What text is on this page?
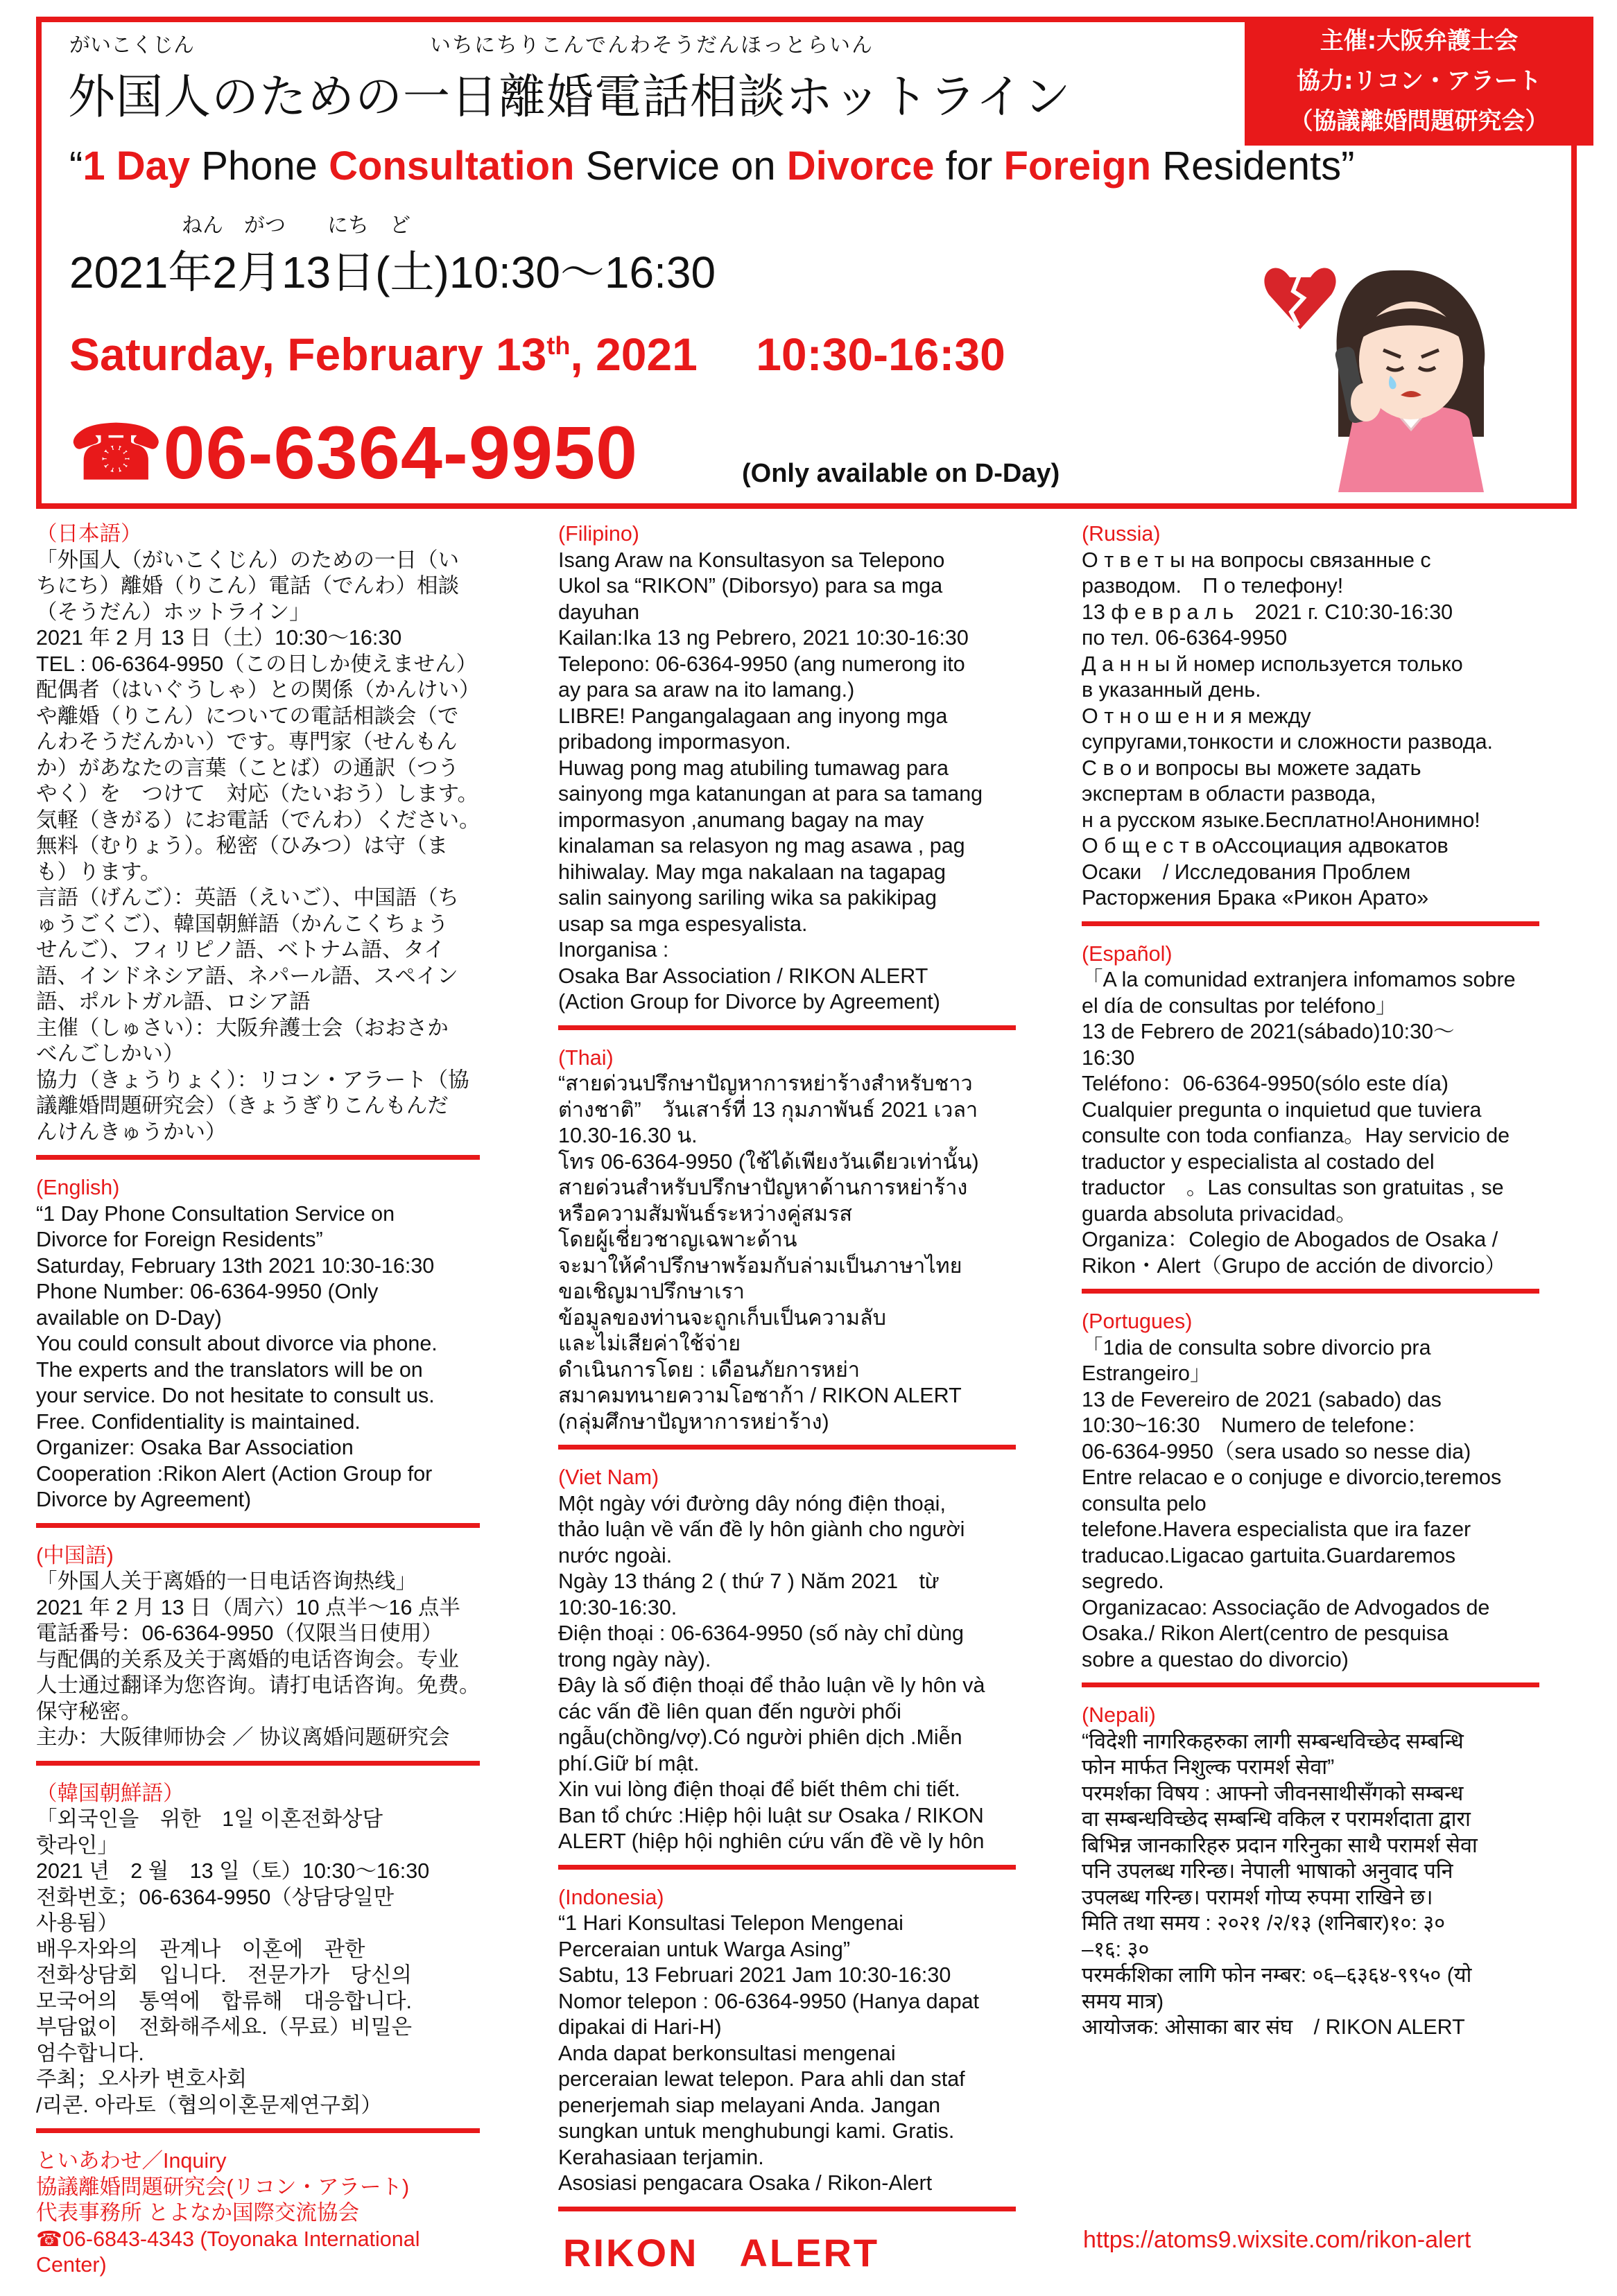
主催:大阪弁護士会
協力:リコン・アラート
（協議離婚問題研究会）
がいこくじん	いちにちりこんでんわそうだんほっとらいん
外国人のための一日離婚電話相談ホットライン
“1 Day Phone Consultation Service on Divorce for Foreign Residents”
ねん　がつ　　にち　ど
2021年2月13日(土)10:30〜16:30
Saturday, February 13th, 2021　 10:30-16:30
☎06-6364-9950	(Only available on D-Day)
（日本語）

「外国人（がいこくじん）のための一日（い

ちにち）離婚（りこん）電話（でんわ）相談

（そうだん）ホットライン」

2021 年 2 月 13 日（土）10:30〜16:30

TEL : 06-6364-9950（この日しか使えません）

配偶者（はいぐうしゃ）との関係（かんけい）

や離婚（りこん）についての電話相談会（で

んわそうだんかい）です。専門家（せんもん

か）があなたの言葉（ことば）の通訳（つう

やく）を　つけて　対応（たいおう）します。

気軽（きがる）にお電話（でんわ）ください。

無料（むりょう）。秘密（ひみつ）は守（ま

も）ります。

言語（げんご）：英語（えいご）、中国語（ち

ゅうごくご）、韓国朝鮮語（かんこくちょう

せんご）、フィリピノ語、ベトナム語、タイ

語、インドネシア語、ネパール語、スペイン

語、ポルトガル語、ロシア語

主催（しゅさい）：大阪弁護士会（おおさか

べんごしかい）

協力（きょうりょく）：リコン・アラート（協

議離婚問題研究会）（きょうぎりこんもんだ

んけんきゅうかい）

(English)

“1 Day Phone Consultation Service on

Divorce for Foreign Residents”

Saturday, February 13th 2021 10:30-16:30

Phone Number: 06-6364-9950 (Only

available on D-Day)

You could consult about divorce via phone.

The experts and the translators will be on

your service. Do not hesitate to consult us.

Free. Confidentiality is maintained.

Organizer: Osaka Bar Association

Cooperation :Rikon Alert (Action Group for

Divorce by Agreement)

(中国語)

「外国人关于离婚的一日电话咨询热线」

2021 年 2 月 13 日（周六）10 点半〜16 点半

電話番号：06-6364-9950（仅限当日使用）

与配偶的关系及关于离婚的电话咨询会。专业

人士通过翻译为您咨询。请打电话咨询。免费。

保守秘密。

主办：大阪律师协会 ／ 协议离婚问题研究会

（韓国朝鮮語）

「외국인을　위한　1일 이혼전화상담

핫라인」

2021 년　2 월　13 일（토）10:30〜16:30

전화번호；06-6364-9950（상담당일만

사용됨）

배우자와의　관계나　이혼에　관한

전화상담회　입니다.　전문가가　당신의

모국어의　통역에　합류해　대응합니다.

부담없이　전화해주세요.（무료）비밀은

엄수합니다.

주최；오사카 변호사회

/리콘. 아라토（협의이혼문제연구회）

といあわせ／Inquiry
協議離婚問題研究会(リコン・アラート)
代表事務所 とよなか国際交流協会
☎06-6843-4343 (Toyonaka International Center)
(Filipino)

Isang Araw na Konsultasyon sa Telepono

Ukol sa “RIKON” (Diborsyo) para sa mga

dayuhan

Kailan:Ika 13 ng Pebrero, 2021 10:30-16:30

Telepono: 06-6364-9950 (ang numerong ito

ay para sa araw na ito lamang.)

LIBRE! Pangangalagaan ang inyong mga

pribadong impormasyon.

Huwag pong mag atubiling tumawag para

sainyong mga katanungan at para sa tamang

impormasyon ,anumang bagay na may

kinalaman sa relasyon ng mag asawa , pag

hihiwalay. May mga nakalaan na tagapag

salin sainyong sariling wika sa pakikipag

usap sa mga espesyalista.

Inorganisa :

Osaka Bar Association / RIKON ALERT

(Action Group for Divorce by Agreement)

(Thai)

“สายด่วนปรึกษาปัญหาการหย่าร้างสำหรับชาว

ต่างชาติ”　วันเสาร์ที่ 13 กุมภาพันธ์ 2021 เวลา

10.30-16.30 น.

โทร 06-6364-9950 (ใช้ได้เพียงวันเดียวเท่านั้น)

สายด่วนสำหรับปรึกษาปัญหาด้านการหย่าร้าง

หรือความสัมพันธ์ระหว่างคู่สมรส

โดยผู้เชี่ยวชาญเฉพาะด้าน

จะมาให้คำปรึกษาพร้อมกับล่ามเป็นภาษาไทย

ขอเชิญมาปรึกษาเรา

ข้อมูลของท่านจะถูกเก็บเป็นความลับ

และไม่เสียค่าใช้จ่าย

ดำเนินการโดย : เดือนภัยการหย่า

สมาคมทนายความโอซาก้า / RIKON ALERT

(กลุ่มศึกษาปัญหาการหย่าร้าง)

(Viet Nam)

Một ngày với đường dây nóng điện thoại,

thảo luận về vấn đề ly hôn giành cho người

nước ngoài.

Ngày 13 tháng 2 ( thứ 7 ) Năm 2021　từ

10:30-16:30.

Điện thoại : 06-6364-9950 (số này chỉ dùng

trong ngày này).

Đây là số điện thoại để thảo luận về ly hôn và

các vấn đề liên quan đến người phối

ngẫu(chồng/vợ).Có người phiên dịch .Miễn

phí.Giữ bí mật.

Xin vui lòng điện thoại để biết thêm chi tiết.

Ban tổ chức :Hiệp hội luật sư Osaka / RIKON

ALERT (hiệp hội nghiên cứu vấn đề về ly hôn

(Indonesia)

“1 Hari Konsultasi Telepon Mengenai

Perceraian untuk Warga Asing”

Sabtu, 13 Februari 2021 Jam 10:30-16:30

Nomor telepon : 06-6364-9950 (Hanya dapat

dipakai di Hari-H)

Anda dapat berkonsultasi mengenai

perceraian lewat telepon. Para ahli dan staf

penerjemah siap melayani Anda. Jangan

sungkan untuk menghubungi kami. Gratis.

Kerahasiaan terjamin.

Asosiasi pengacara Osaka / Rikon-Alert

(Russia)

О т в е т ы на вопросы связанные с

разводом.　П о телефону!

13 ф е в р а л ь　2021 г. С10:30-16:30

по тел. 06-6364-9950

Д а н н ы й номер используется только

в указанный день.

О т н о ш е н и я между

супругами,тонкости и сложности развода.

С в о и вопросы вы можете задать

экспертам в области развода,

н а русском языке.Бесплатно!Анонимно!

О б щ е с т в оАссоциация адвокатов

Осаки　/ Исследования Проблем

Расторжения Брака «Рикон Арато»

(Español)

「A la comunidad extranjera infomamos sobre

el día de consultas por teléfono」

13 de Febrero de 2021(sábado)10:30〜

16:30

Teléfono：06-6364-9950(sólo este día)

Cualquier pregunta o inquietud que tuviera

consulte con toda confianza。Hay servicio de

traductor y especialista al costado del

traductor　。Las consultas son gratuitas , se

guarda absoluta privacidad。

Organiza：Colegio de Abogados de Osaka /

Rikon・Alert（Grupo de acción de divorcio）

(Portugues)

「1dia de consulta sobre divorcio pra

Estrangeiro」

13 de Fevereiro de 2021 (sabado) das

10:30~16:30　Numero de telefone：

06-6364-9950（sera usado so nesse dia)

Entre relacao e o conjuge e divorcio,teremos

consulta pelo

telefone.Havera especialista que ira fazer

traducao.Ligacao gartuita.Guardaremos

segredo.

Organizacao: Associação de Advogados de

Osaka./ Rikon Alert(centro de pesquisa

sobre a questao do divorcio)

(Nepali)

“विदेशी नागरिकहरुका लागी सम्बन्धविच्छेद सम्बन्धि

फोन मार्फत निशुल्क परामर्श सेवा”

परमर्शका विषय : आफ्नो जीवनसाथीसँगको सम्बन्ध

वा सम्बन्धविच्छेद सम्बन्धि वकिल र परामर्शदाता द्वारा

बिभिन्न जानकारिहरु प्रदान गरिनुका साथै परामर्श सेवा

पनि उपलब्ध गरिन्छ। नेपाली भाषाको अनुवाद पनि

उपलब्ध गरिन्छ। परामर्श गोप्य रुपमा राखिने छ।

मिति तथा समय : २०२१ /२/१३ (शनिबार)१०: ३०

–१६: ३०

परमर्कशिका लागि फोन नम्बर: ०६–६३६४-९९५० (यो

समय मात्र)

आयोजक: ओसाका बार संघ　/ RIKON ALERT

RIKON　ALERT	https://atoms9.wixsite.com/rikon-alert
